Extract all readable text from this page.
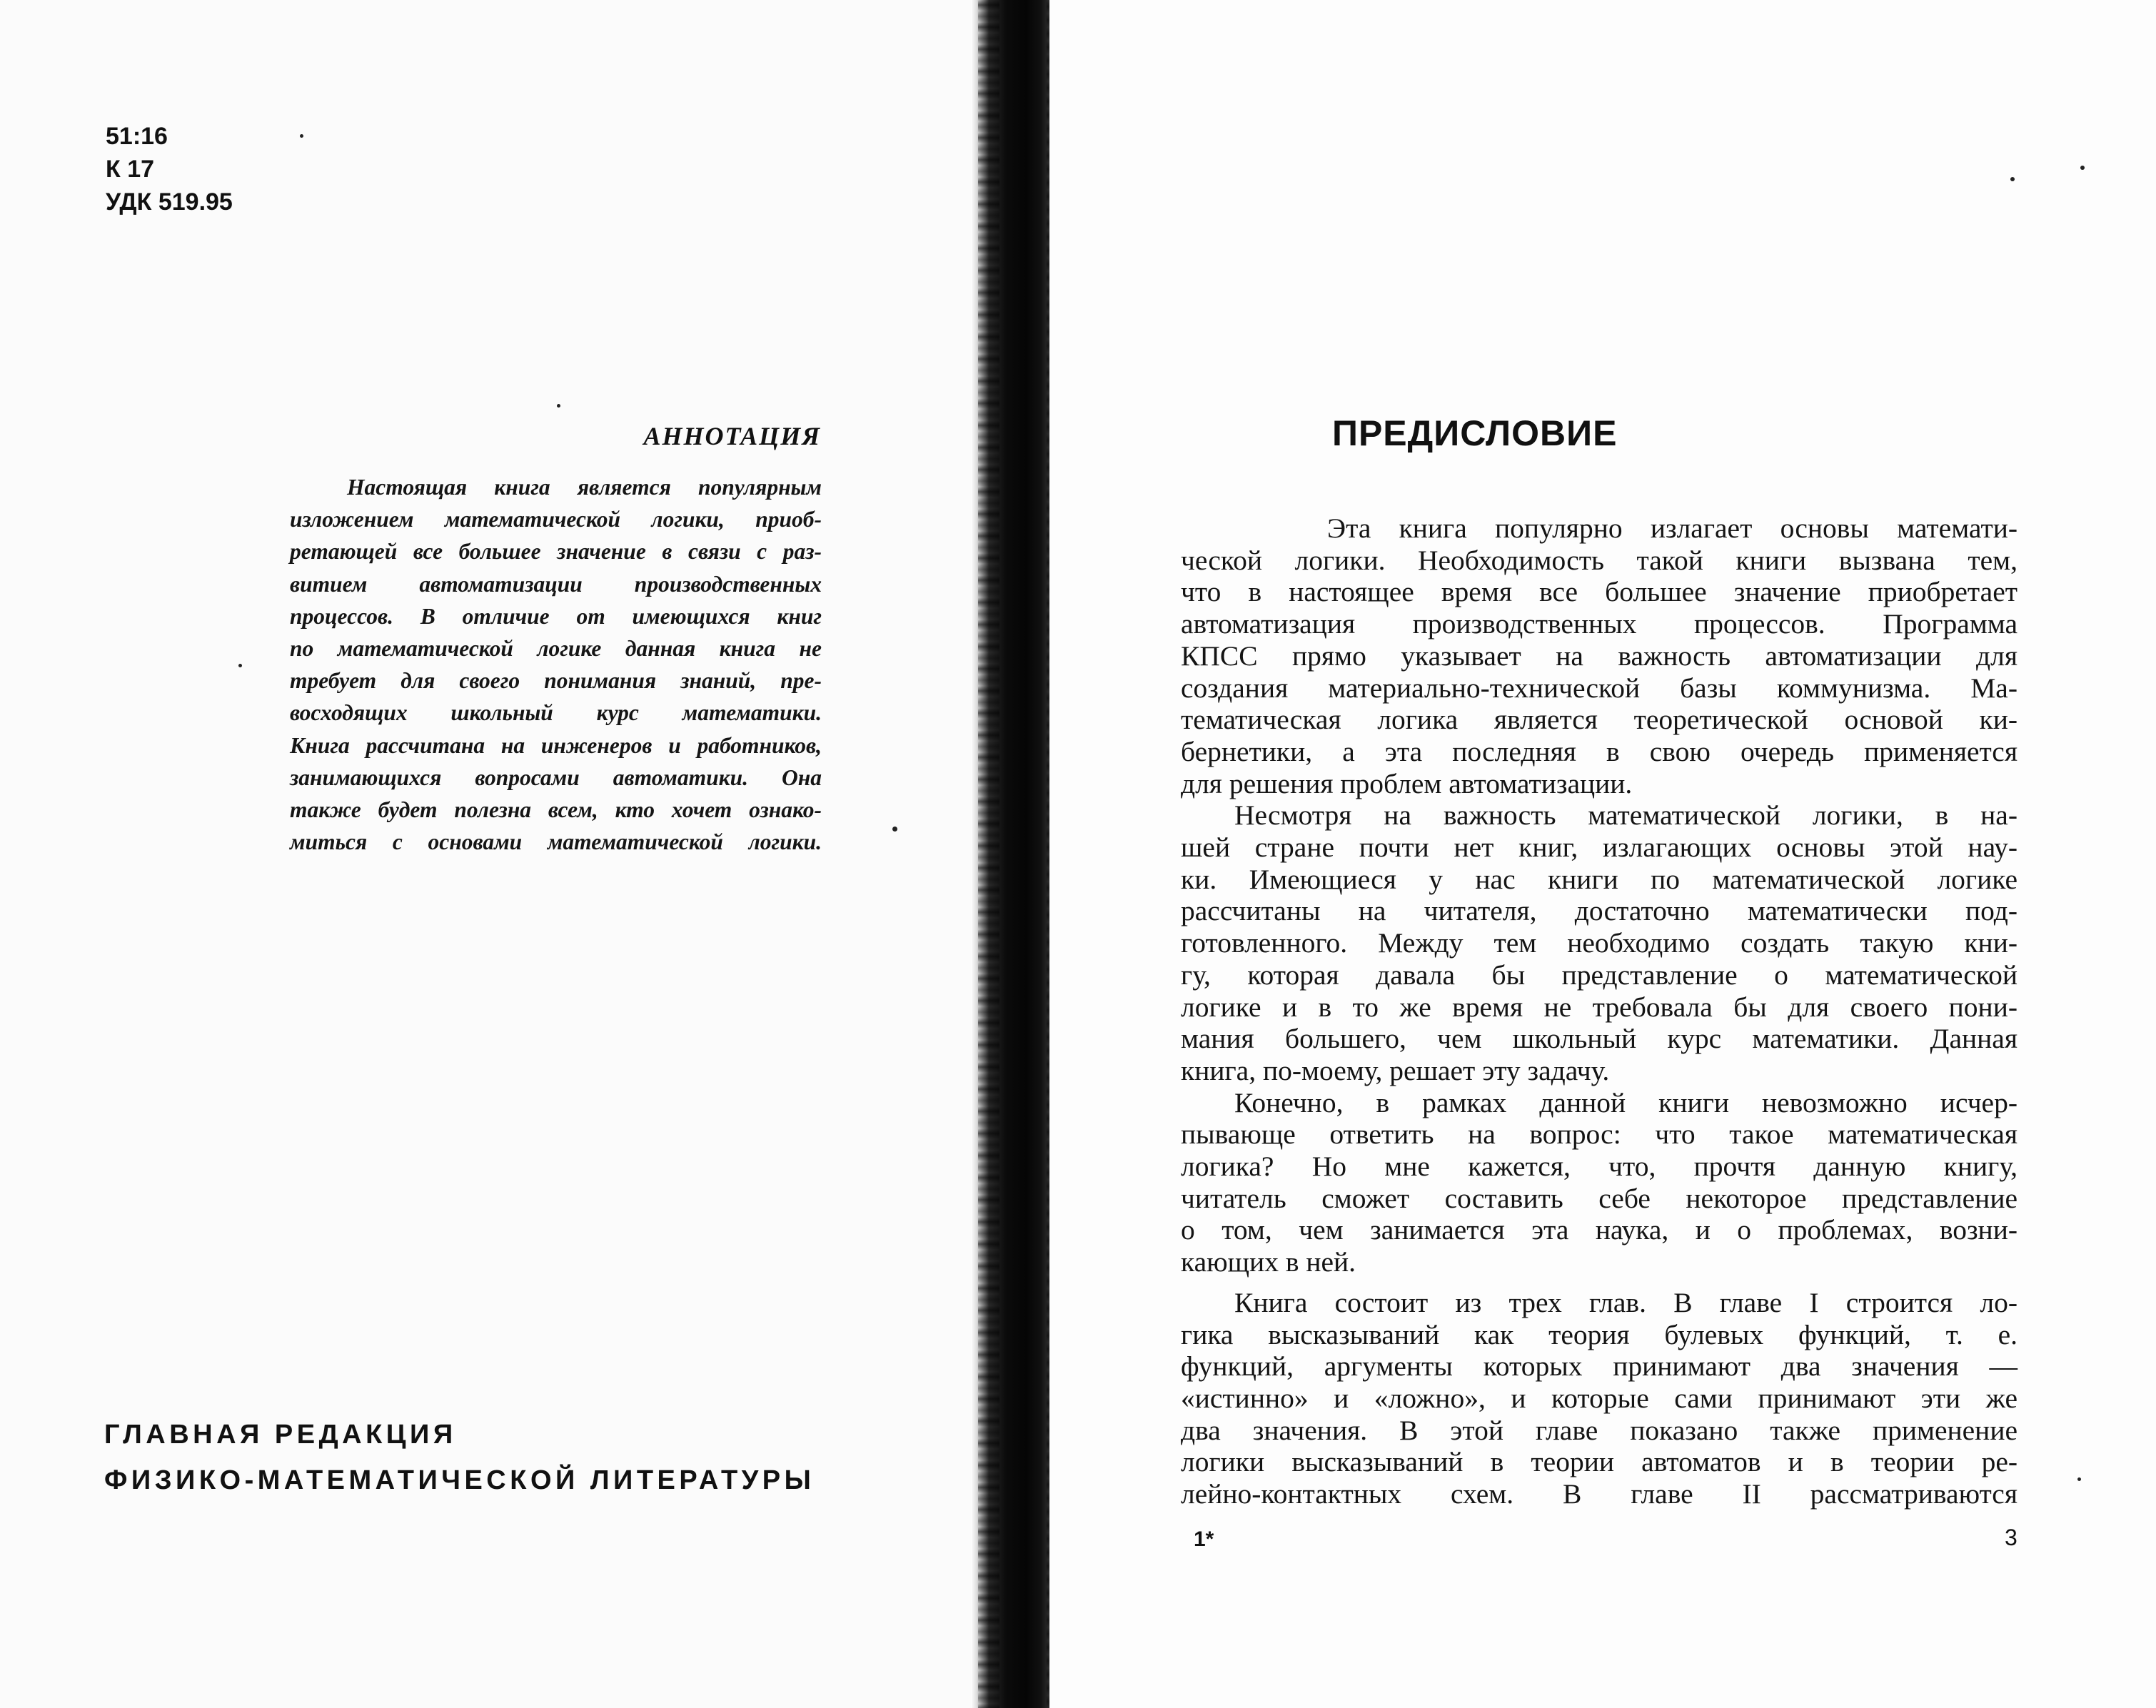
51:16
К 17
УДК 519.95
АННОТАЦИЯ
Настоящая книга является популярным
изложением математической логики, приоб-
ретающей все большее значение в связи с раз-
витием автоматизации производственных
процессов. В отличие от имеющихся книг
по математической логике данная книга не
требует для своего понимания знаний, пре-
восходящих школьный курс математики.
Книга рассчитана на инженеров и работников,
занимающихся вопросами автоматики. Она
также будет полезна всем, кто хочет ознако-
миться с основами математической логики.
ГЛАВНАЯ РЕДАКЦИЯ
ФИЗИКО-МАТЕМАТИЧЕСКОЙ ЛИТЕРАТУРЫ
ПРЕДИСЛОВИЕ
Эта книга популярно излагает основы математи-
ческой логики. Необходимость такой книги вызвана тем,
что в настоящее время все большее значение приобретает
автоматизация производственных процессов. Программа
КПСС прямо указывает на важность автоматизации для
создания материально-технической базы коммунизма. Ма-
тематическая логика является теоретической основой ки-
бернетики, а эта последняя в свою очередь применяется
для решения проблем автоматизации.
Несмотря на важность математической логики, в на-
шей стране почти нет книг, излагающих основы этой нау-
ки. Имеющиеся у нас книги по математической логике
рассчитаны на читателя, достаточно математически под-
готовленного. Между тем необходимо создать такую кни-
гу, которая давала бы представление о математической
логике и в то же время не требовала бы для своего пони-
мания большего, чем школьный курс математики. Данная
книга, по-моему, решает эту задачу.
Конечно, в рамках данной книги невозможно исчер-
пывающе ответить на вопрос: что такое математическая
логика? Но мне кажется, что, прочтя данную книгу,
читатель сможет составить себе некоторое представление
о том, чем занимается эта наука, и о проблемах, возни-
кающих в ней.
Книга состоит из трех глав. В главе I строится ло-
гика высказываний как теория булевых функций, т. е.
функций, аргументы которых принимают два значения —
«истинно» и «ложно», и которые сами принимают эти же
два значения. В этой главе показано также применение
логики высказываний в теории автоматов и в теории ре-
лейно-контактных схем. В главе II рассматриваются
1*	3
